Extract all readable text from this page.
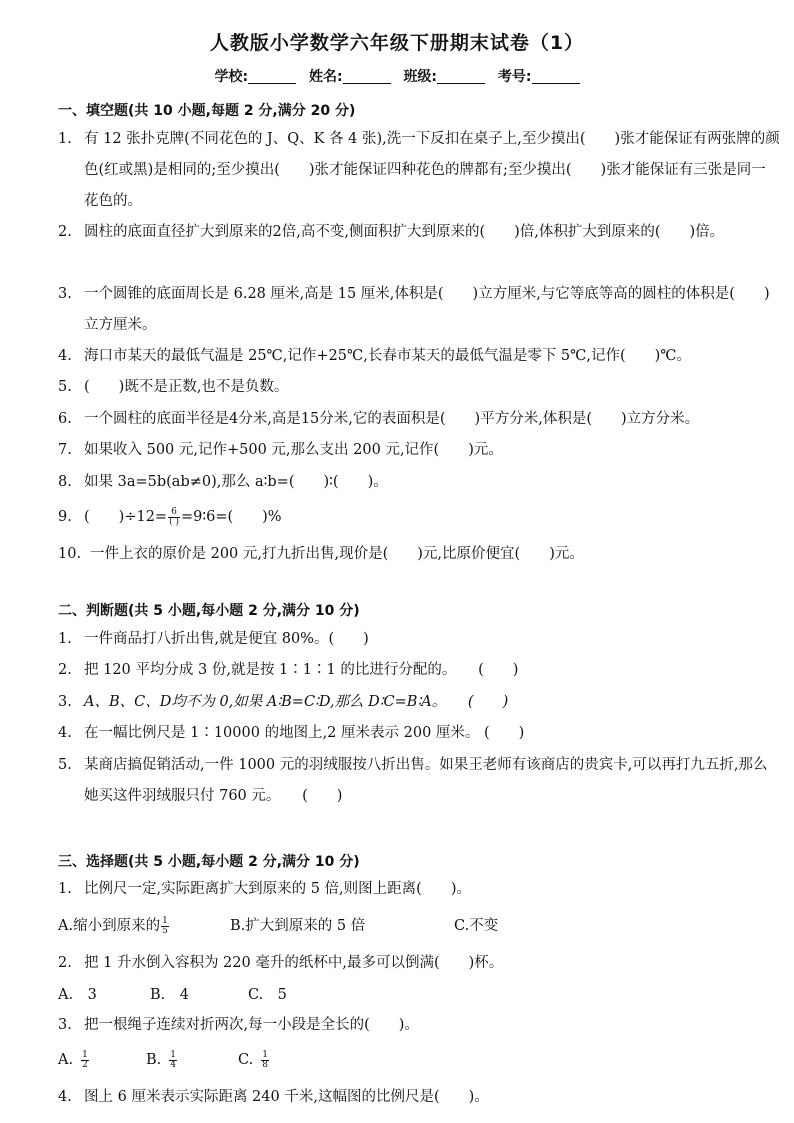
人教版小学数学六年级下册期末试卷（1）
学校:	姓名:	班级:	考号:
一、填空题(共 10 小题,每题 2 分,满分 20 分)
1. 有 12 张扑克牌(不同花色的 J、Q、K 各 4 张),洗一下反扣在桌子上,至少摸出(　　)张才能保证有两张牌的颜色(红或黑)是相同的;至少摸出(　　)张才能保证四种花色的牌都有;至少摸出(　　)张才能保证有三张是同一花色的。
2. 圆柱的底面直径扩大到原来的2倍,高不变,侧面积扩大到原来的(　　)倍,体积扩大到原来的(　　)倍。
3. 一个圆锥的底面周长是 6.28 厘米,高是 15 厘米,体积是(　　)立方厘米,与它等底等高的圆柱的体积是(　　)立方厘米。
4. 海口市某天的最低气温是 25℃,记作+25℃,长春市某天的最低气温是零下 5℃,记作(　　)℃。
5. (　　)既不是正数,也不是负数。
6. 一个圆柱的底面半径是4分米,高是15分米,它的表面积是(　　)平方分米,体积是(　　)立方分米。
7. 如果收入 500 元,记作+500 元,那么支出 200 元,记作(　　)元。
8. 如果 3a=5b(ab≠0),那么 a∶b=(　　)∶(　　)。
9. (　　)$\div 12= \frac{6}{( )}$ =9∶6=(　　)%
10. 一件上衣的原价是 200 元,打九折出售,现价是(　　)元,比原价便宜(　　)元。
二、判断题(共 5 小题,每小题 2 分,满分 10 分)
1. 一件商品打八折出售,就是便宜 80%。(　　)
2. 把 120 平均分成 3 份,就是按 1∶1∶1 的比进行分配的。　　(　　)
3. A、B、C、D均不为 0,如果 A∶B=C∶D,那么 D∶C=B∶A。　　(　　)
4. 在一幅比例尺是 1∶10000 的地图上,2 厘米表示 200 厘米。 (　　)
5. 某商店搞促销活动,一件 1000 元的羽绒服按八折出售。如果王老师有该商店的贵宾卡,可以再打九五折,那么她买这件羽绒服只付 760 元。　　(　　)
三、选择题(共 5 小题,每小题 2 分,满分 10 分)
1. 比例尺一定,实际距离扩大到原来的 5 倍,则图上距离(　　)。
A.缩小到原来的 $\frac{1}{5}$	B.扩大到原来的 5 倍	C.不变
2. 把 1 升水倒入容积为 220 毫升的纸杯中,最多可以倒满(　　)杯。
A.　3	B.　4	C.　5
3. 把一根绳子连续对折两次,每一小段是全长的(　　)。
A. $\frac{1}{2}$	B. $\frac{1}{4}$	C. $\frac{1}{8}$
4. 图上 6 厘米表示实际距离 240 千米,这幅图的比例尺是(　　)。
